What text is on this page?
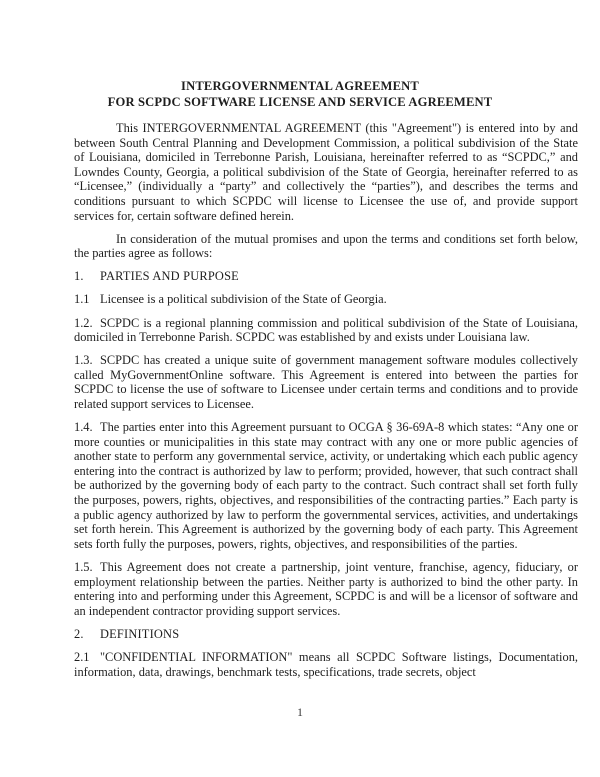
INTERGOVERNMENTAL AGREEMENT
FOR SCPDC SOFTWARE LICENSE AND SERVICE AGREEMENT

This INTERGOVERNMENTAL AGREEMENT (this "Agreement") is entered into by and between South Central Planning and Development Commission, a political subdivision of the State of Louisiana, domiciled in Terrebonne Parish, Louisiana, hereinafter referred to as “SCPDC,” and Lowndes County, Georgia, a political subdivision of the State of Georgia, hereinafter referred to as “Licensee,” (individually a “party” and collectively the “parties”), and describes the terms and conditions pursuant to which SCPDC will license to Licensee the use of, and provide support services for, certain software defined herein.

In consideration of the mutual promises and upon the terms and conditions set forth below, the parties agree as follows:

1. PARTIES AND PURPOSE

1.1 Licensee is a political subdivision of the State of Georgia.

1.2. SCPDC is a regional planning commission and political subdivision of the State of Louisiana, domiciled in Terrebonne Parish. SCPDC was established by and exists under Louisiana law.

1.3. SCPDC has created a unique suite of government management software modules collectively called MyGovernmentOnline software. This Agreement is entered into between the parties for SCPDC to license the use of software to Licensee under certain terms and conditions and to provide related support services to Licensee.

1.4. The parties enter into this Agreement pursuant to OCGA § 36-69A-8 which states: “Any one or more counties or municipalities in this state may contract with any one or more public agencies of another state to perform any governmental service, activity, or undertaking which each public agency entering into the contract is authorized by law to perform; provided, however, that such contract shall be authorized by the governing body of each party to the contract. Such contract shall set forth fully the purposes, powers, rights, objectives, and responsibilities of the contracting parties.” Each party is a public agency authorized by law to perform the governmental services, activities, and undertakings set forth herein. This Agreement is authorized by the governing body of each party. This Agreement sets forth fully the purposes, powers, rights, objectives, and responsibilities of the parties.

1.5. This Agreement does not create a partnership, joint venture, franchise, agency, fiduciary, or employment relationship between the parties. Neither party is authorized to bind the other party. In entering into and performing under this Agreement, SCPDC is and will be a licensor of software and an independent contractor providing support services.

2. DEFINITIONS

2.1 "CONFIDENTIAL INFORMATION" means all SCPDC Software listings, Documentation, information, data, drawings, benchmark tests, specifications, trade secrets, object

1
